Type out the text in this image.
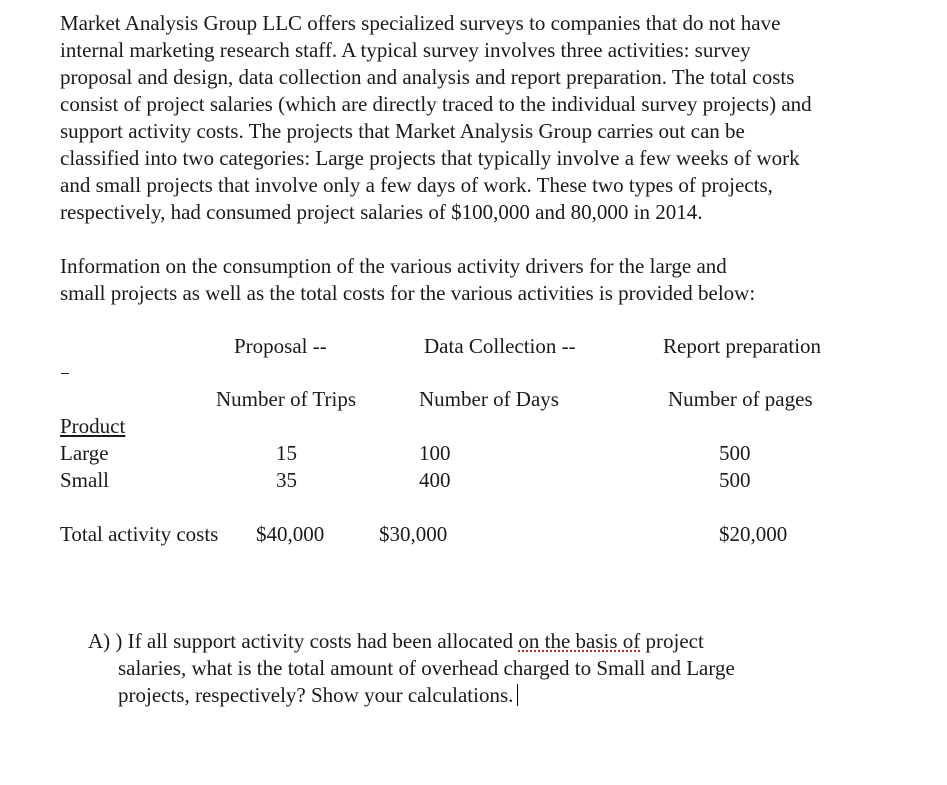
Market Analysis Group LLC offers specialized surveys to companies that do not have
internal marketing research staff. A typical survey involves three activities: survey
proposal and design, data collection and analysis and report preparation. The total costs
consist of project salaries (which are directly traced to the individual survey projects) and
support activity costs. The projects that Market Analysis Group carries out can be
classified into two categories: Large projects that typically involve a few weeks of work
and small projects that involve only a few days of work. These two types of projects,
respectively, had consumed project salaries of $100,000 and 80,000 in 2014.
Information on the consumption of the various activity drivers for the large and
small projects as well as the total costs for the various activities is provided below:
Proposal --	Data Collection --	Report preparation
Number of Trips	Number of Days	Number of pages
Product
Large	15	100	500
Small	35	400	500
Total activity costs $40,000	$30,000	$20,000
A) ) If all support activity costs had been allocated on the basis of project
salaries, what is the total amount of overhead charged to Small and Large
projects, respectively? Show your calculations.
